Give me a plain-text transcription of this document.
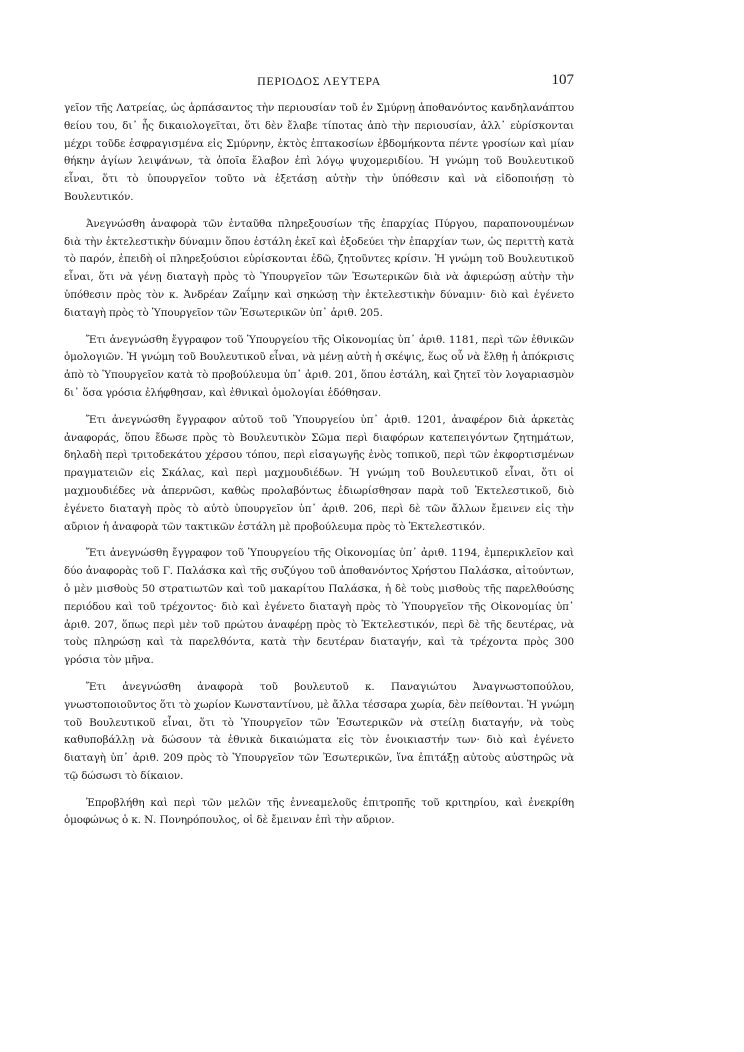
ΠΕΡΙΟΔΟΣ ΛΕΥΤΕΡΑ	107

γεῖον τῆς Λατρείας, ὡς ἁρπάσαντος τὴν περιουσίαν τοῦ ἐν Σμύρνῃ ἀποθανόντος κανδηλανάπτου θείου του, δι᾽ ἧς δικαιολογεῖται, ὅτι δὲν ἔλαβε τίποτας ἀπὸ τὴν περιουσίαν, ἀλλ᾽ εὑρίσκονται μέχρι τοῦδε ἐσφραγισμένα εἰς Σμύρνην, ἐκτὸς ἑπτακοσίων ἑβδομήκοντα πέντε γροσίων καὶ μίαν θήκην ἁγίων λειψάνων, τὰ ὁποῖα ἔλαβον ἐπὶ λόγῳ ψυχομεριδίου. Ἡ γνώμη τοῦ Βουλευτικοῦ εἶναι, ὅτι τὸ ὑπουργεῖον τοῦτο νὰ ἐξετάσῃ αὐτὴν τὴν ὑπόθεσιν καὶ νὰ εἰδοποιήσῃ τὸ Βουλευτικόν.

Ἀνεγνώσθη ἀναφορὰ τῶν ἐνταῦθα πληρεξουσίων τῆς ἐπαρχίας Πύργου, παραπονουμένων διὰ τὴν ἐκτελεστικὴν δύναμιν ὅπου ἐστάλη ἐκεῖ καὶ ἐξοδεύει τὴν ἐπαρχίαν των, ὡς περιττὴ κατὰ τὸ παρόν, ἐπειδὴ οἱ πληρεξούσιοι εὑρίσκονται ἐδῶ, ζητοῦντες κρίσιν. Ἡ γνώμη τοῦ Βουλευτικοῦ εἶναι, ὅτι νὰ γένῃ διαταγὴ πρὸς τὸ Ὑπουργεῖον τῶν Ἐσωτερικῶν διὰ νὰ ἀφιερώσῃ αὐτὴν τὴν ὑπόθεσιν πρὸς τὸν κ. Ἀνδρέαν Ζαΐμην καὶ σηκώσῃ τὴν ἐκτελεστικὴν δύναμιν· διὸ καὶ ἐγένετο διαταγὴ πρὸς τὸ Ὑπουργεῖον τῶν Ἐσωτερικῶν ὑπ᾽ ἀριθ. 205.

Ἔτι ἀνεγνώσθη ἔγγραφον τοῦ Ὑπουργείου τῆς Οἰκονομίας ὑπ᾽ ἀριθ. 1181, περὶ τῶν ἐθνικῶν ὁμολογιῶν. Ἡ γνώμη τοῦ Βουλευτικοῦ εἶναι, νὰ μένῃ αὐτὴ ἡ σκέψις, ἕως οὗ νὰ ἔλθῃ ἡ ἀπόκρισις ἀπὸ τὸ Ὑπουργεῖον κατὰ τὸ προβούλευμα ὑπ᾽ ἀριθ. 201, ὅπου ἐστάλη, καὶ ζητεῖ τὸν λογαριασμὸν δι᾽ ὅσα γρόσια ἐλήφθησαν, καὶ ἐθνικαὶ ὁμολογίαι ἐδόθησαν.

Ἔτι ἀνεγνώσθη ἔγγραφον αὐτοῦ τοῦ Ὑπουργείου ὑπ᾽ ἀριθ. 1201, ἀναφέρον διὰ ἀρκετὰς ἀναφοράς, ὅπου ἔδωσε πρὸς τὸ Βουλευτικὸν Σῶμα περὶ διαφόρων κατεπειγόντων ζητημάτων, δηλαδὴ περὶ τριτοδεκάτου χέρσου τόπου, περὶ εἰσαγωγῆς ἑνὸς τοπικοῦ, περὶ τῶν ἐκφορτισμένων πραγματειῶν εἰς Σκάλας, καὶ περὶ μαχμουδιέδων. Ἡ γνώμη τοῦ Βουλευτικοῦ εἶναι, ὅτι οἱ μαχμουδιέδες νὰ ἀπερνῶσι, καθὼς προλαβόντως ἐδιωρίσθησαν παρὰ τοῦ Ἐκτελεστικοῦ, διὸ ἐγένετο διαταγὴ πρὸς τὸ αὐτὸ ὑπουργεῖον ὑπ᾽ ἀριθ. 206, περὶ δὲ τῶν ἄλλων ἔμεινεν εἰς τὴν αὔριον ἡ ἀναφορὰ τῶν τακτικῶν ἐστάλη μὲ προβούλευμα πρὸς τὸ Ἐκτελεστικόν.

Ἔτι ἀνεγνώσθη ἔγγραφον τοῦ Ὑπουργείου τῆς Οἰκονομίας ὑπ᾽ ἀριθ. 1194, ἐμπερικλεῖον καὶ δύο ἀναφορὰς τοῦ Γ. Παλάσκα καὶ τῆς συζύγου τοῦ ἀποθανόντος Χρήστου Παλάσκα, αἰτούντων, ὁ μὲν μισθοὺς 50 στρατιωτῶν καὶ τοῦ μακαρίτου Παλάσκα, ἡ δὲ τοὺς μισθοὺς τῆς παρελθούσης περιόδου καὶ τοῦ τρέχοντος· διὸ καὶ ἐγένετο διαταγὴ πρὸς τὸ Ὑπουργεῖον τῆς Οἰκονομίας ὑπ᾽ ἀριθ. 207, ὅπως περὶ μὲν τοῦ πρώτου ἀναφέρῃ πρὸς τὸ Ἐκτελεστικόν, περὶ δὲ τῆς δευτέρας, νὰ τοὺς πληρώσῃ καὶ τὰ παρελθόντα, κατὰ τὴν δευτέραν διαταγήν, καὶ τὰ τρέχοντα πρὸς 300 γρόσια τὸν μῆνα.

Ἔτι ἀνεγνώσθη ἀναφορὰ τοῦ βουλευτοῦ κ. Παναγιώτου Ἀναγνωστοπούλου, γνωστοποιοῦντος ὅτι τὸ χωρίον Κωνσταντίνου, μὲ ἄλλα τέσσαρα χωρία, δὲν πείθονται. Ἡ γνώμη τοῦ Βουλευτικοῦ εἶναι, ὅτι τὸ Ὑπουργεῖον τῶν Ἐσωτερικῶν νὰ στείλῃ διαταγήν, νὰ τοὺς καθυποβάλλῃ νὰ δώσουν τὰ ἐθνικὰ δικαιώματα εἰς τὸν ἐνοικιαστήν των· διὸ καὶ ἐγένετο διαταγὴ ὑπ᾽ ἀριθ. 209 πρὸς τὸ Ὑπουργεῖον τῶν Ἐσωτερικῶν, ἵνα ἐπιτάξῃ αὐτοὺς αὐστηρῶς νὰ τῷ δώσωσι τὸ δίκαιον.

Ἐπροβλήθη καὶ περὶ τῶν μελῶν τῆς ἐννεαμελοῦς ἐπιτροπῆς τοῦ κριτηρίου, καὶ ἐνεκρίθη ὁμοφώνως ὁ κ. Ν. Πονηρόπουλος, οἱ δὲ ἔμειναν ἐπὶ τὴν αὔριον.
